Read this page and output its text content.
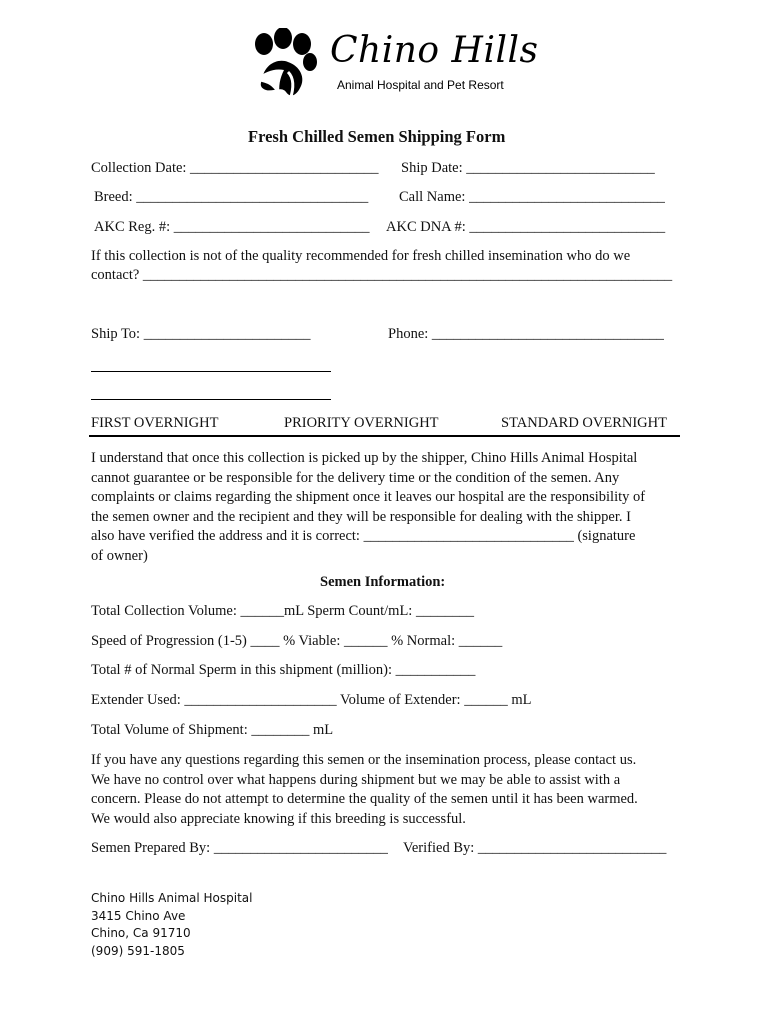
Chino Hills
Animal Hospital and Pet Resort
Fresh Chilled Semen Shipping Form
Collection Date: __________________________ Ship Date: __________________________
Breed: ________________________________ Call Name: ___________________________
AKC Reg. #: ___________________________ AKC DNA #: ___________________________
If this collection is not of the quality recommended for fresh chilled insemination who do we
contact? _________________________________________________________________________
Ship To: _______________________	Phone: ________________________________
FIRST OVERNIGHT	PRIORITY OVERNIGHT	STANDARD OVERNIGHT
I understand that once this collection is picked up by the shipper, Chino Hills Animal Hospital
cannot guarantee or be responsible for the delivery time or the condition of the semen. Any
complaints or claims regarding the shipment once it leaves our hospital are the responsibility of
the semen owner and the recipient and they will be responsible for dealing with the shipper. I
also have verified the address and it is correct: _____________________________ (signature
of owner)
Semen Information:
Total Collection Volume: ______mL Sperm Count/mL: ________
Speed of Progression (1-5) ____ % Viable: ______ % Normal: ______
Total # of Normal Sperm in this shipment (million): ___________
Extender Used: _____________________ Volume of Extender: ______ mL
Total Volume of Shipment: ________ mL
If you have any questions regarding this semen or the insemination process, please contact us.
We have no control over what happens during shipment but we may be able to assist with a
concern. Please do not attempt to determine the quality of the semen until it has been warmed.
We would also appreciate knowing if this breeding is successful.
Semen Prepared By: ________________________ Verified By: __________________________
Chino Hills Animal Hospital
3415 Chino Ave
Chino, Ca 91710
(909) 591-1805
